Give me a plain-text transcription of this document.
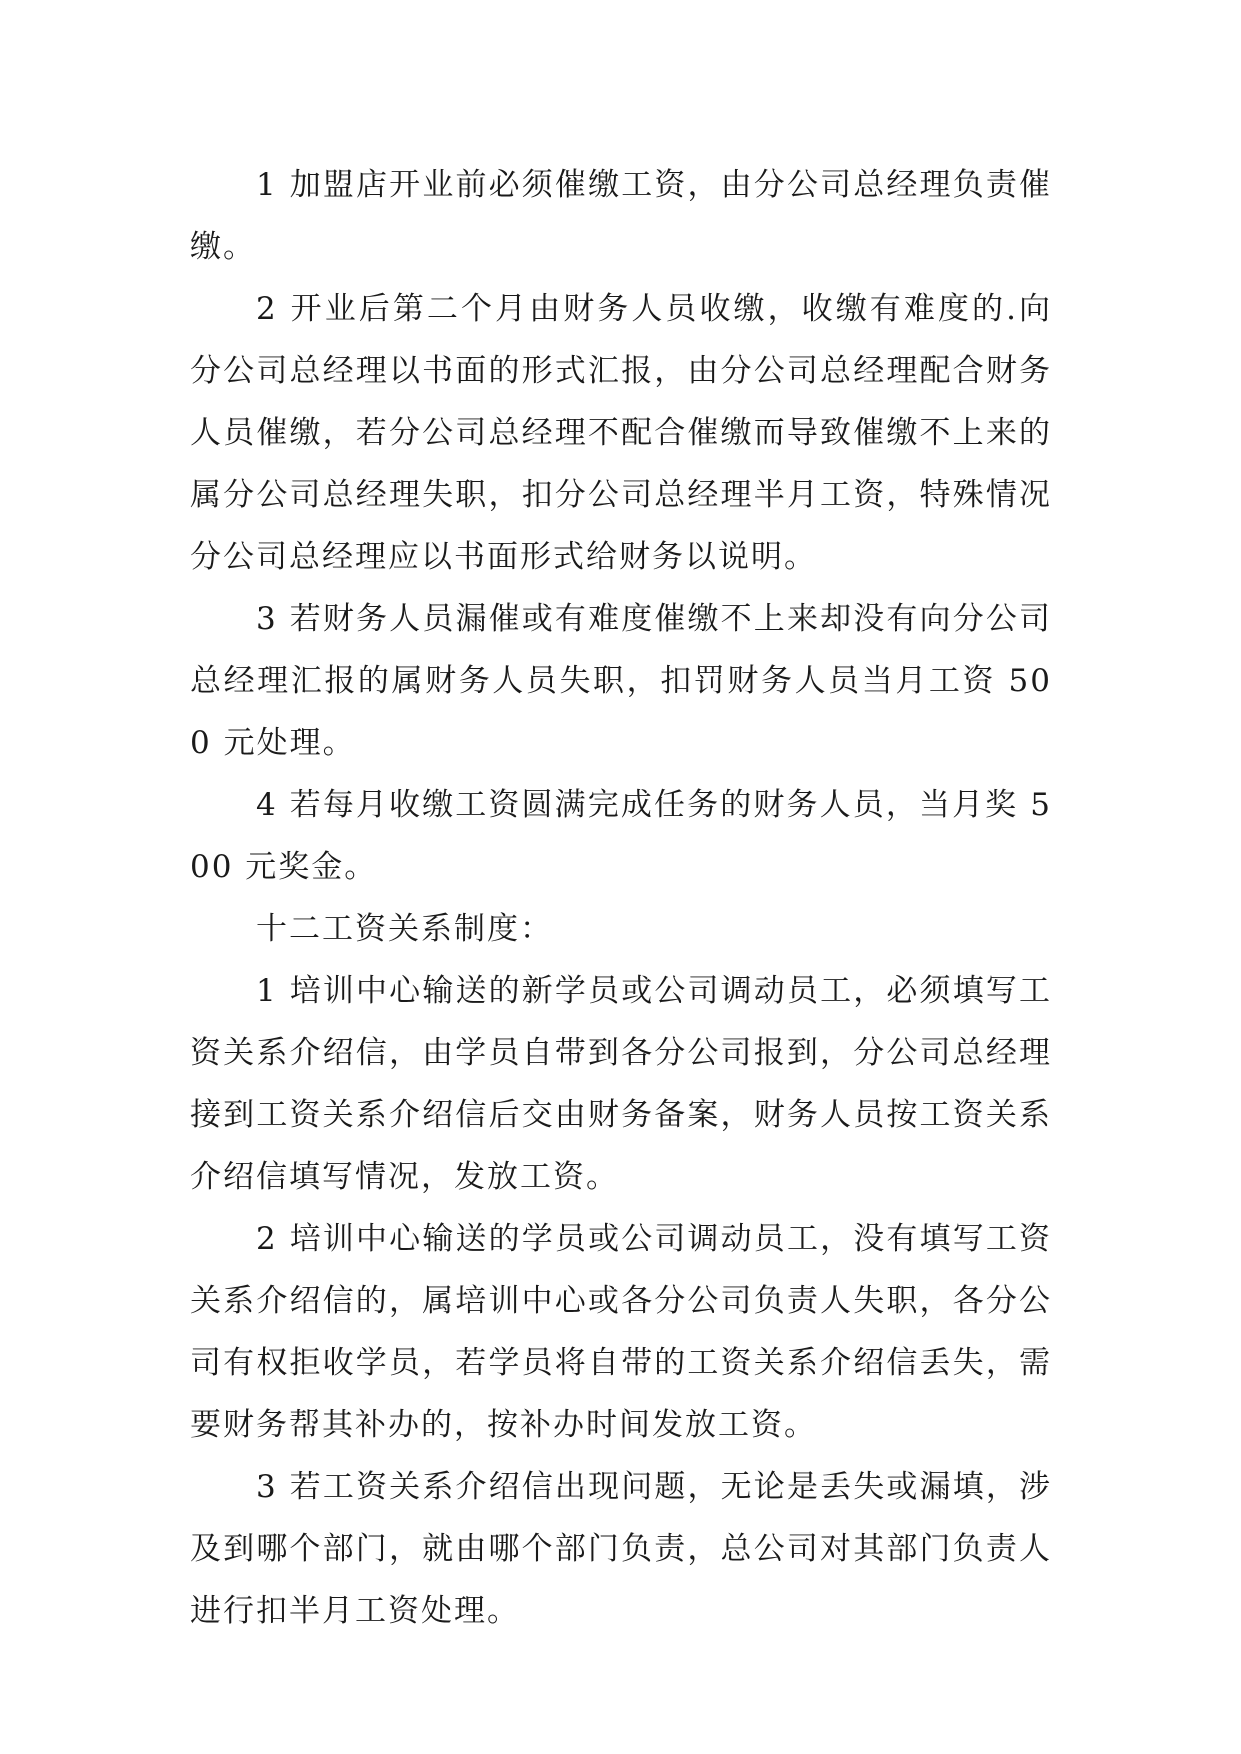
1 加盟店开业前必须催缴工资，由分公司总经理负责催缴。

2 开业后第二个月由财务人员收缴，收缴有难度的.向分公司总经理以书面的形式汇报，由分公司总经理配合财务人员催缴，若分公司总经理不配合催缴而导致催缴不上来的属分公司总经理失职，扣分公司总经理半月工资，特殊情况分公司总经理应以书面形式给财务以说明。

3 若财务人员漏催或有难度催缴不上来却没有向分公司总经理汇报的属财务人员失职，扣罚财务人员当月工资 500 元处理。

4 若每月收缴工资圆满完成任务的财务人员，当月奖 500 元奖金。

十二工资关系制度：

1 培训中心输送的新学员或公司调动员工，必须填写工资关系介绍信，由学员自带到各分公司报到，分公司总经理接到工资关系介绍信后交由财务备案，财务人员按工资关系介绍信填写情况，发放工资。

2 培训中心输送的学员或公司调动员工，没有填写工资关系介绍信的，属培训中心或各分公司负责人失职，各分公司有权拒收学员，若学员将自带的工资关系介绍信丢失，需要财务帮其补办的，按补办时间发放工资。

3 若工资关系介绍信出现问题，无论是丢失或漏填，涉及到哪个部门，就由哪个部门负责，总公司对其部门负责人进行扣半月工资处理。
